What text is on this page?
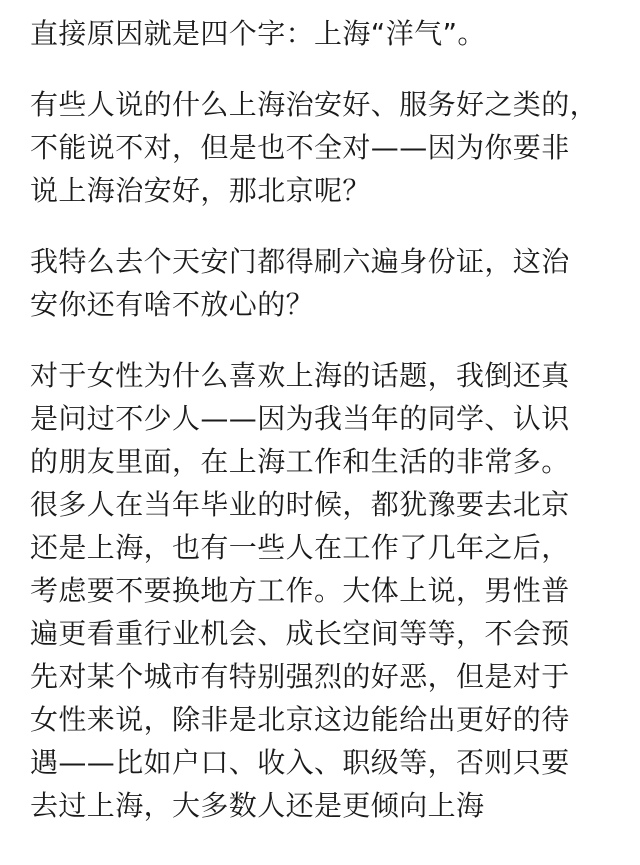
直接原因就是四个字：上海“洋气”。
有些人说的什么上海治安好、服务好之类的，
不能说不对，但是也不全对——因为你要非
说上海治安好，那北京呢？
我特么去个天安门都得刷六遍身份证，这治
安你还有啥不放心的？
对于女性为什么喜欢上海的话题，我倒还真
是问过不少人——因为我当年的同学、认识
的朋友里面，在上海工作和生活的非常多。
很多人在当年毕业的时候，都犹豫要去北京
还是上海，也有一些人在工作了几年之后，
考虑要不要换地方工作。大体上说，男性普
遍更看重行业机会、成长空间等等，不会预
先对某个城市有特别强烈的好恶，但是对于
女性来说，除非是北京这边能给出更好的待
遇——比如户口、收入、职级等，否则只要
去过上海，大多数人还是更倾向上海
